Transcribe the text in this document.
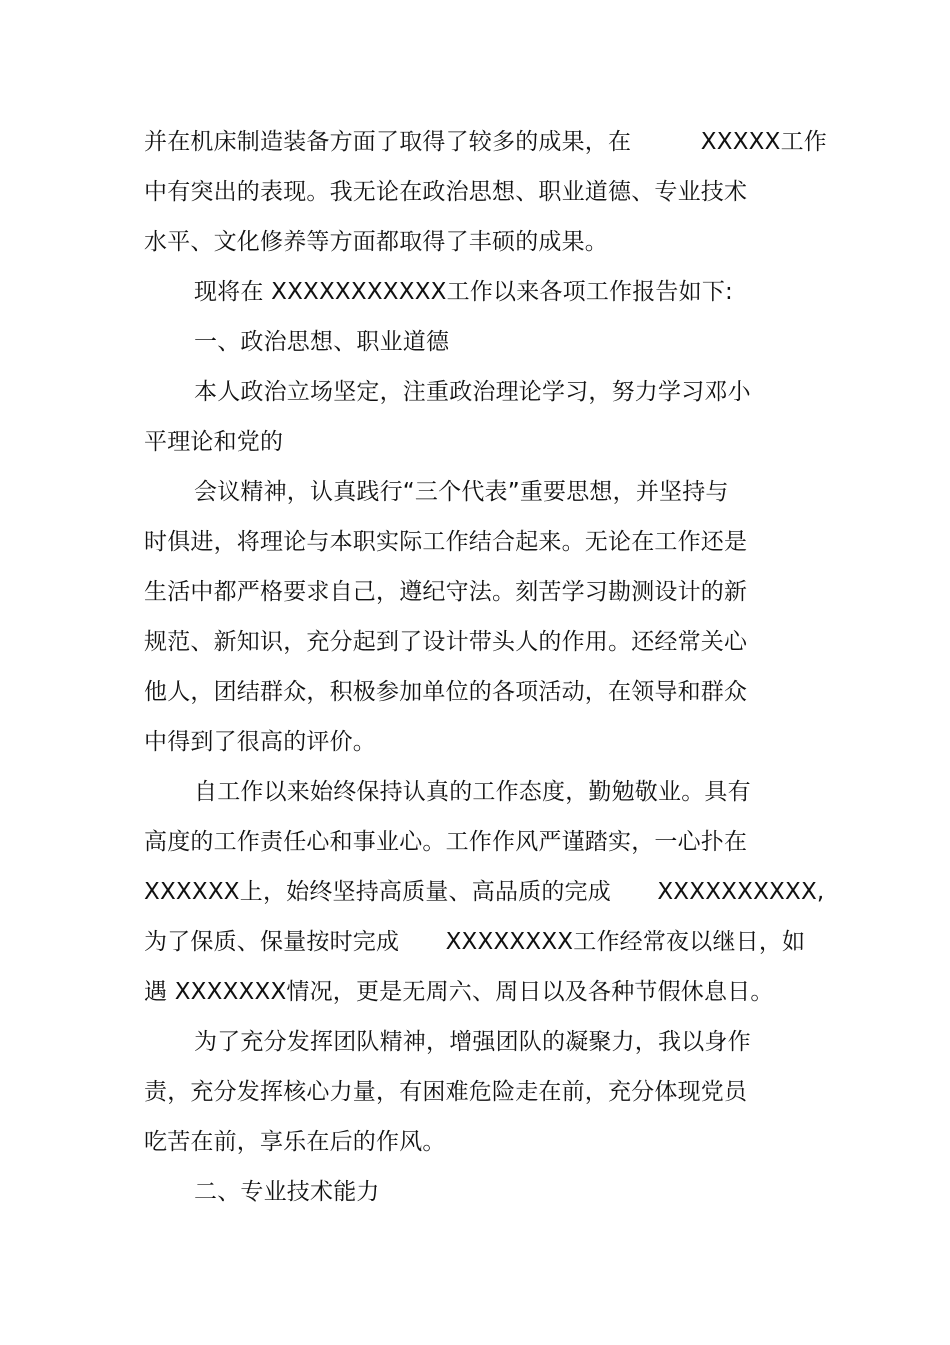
并在机床制造装备方面了取得了较多的成果，在　　　XXXXX工作
中有突出的表现。我无论在政治思想、职业道德、专业技术
水平、文化修养等方面都取得了丰硕的成果。
现将在 XXXXXXXXXXX工作以来各项工作报告如下:
一、政治思想、职业道德
本人政治立场坚定，注重政治理论学习，努力学习邓小
平理论和党的
会议精神，认真践行“三个代表”重要思想，并坚持与
时俱进，将理论与本职实际工作结合起来。无论在工作还是
生活中都严格要求自己，遵纪守法。刻苦学习勘测设计的新
规范、新知识，充分起到了设计带头人的作用。还经常关心
他人，团结群众，积极参加单位的各项活动，在领导和群众
中得到了很高的评价。
自工作以来始终保持认真的工作态度，勤勉敬业。具有
高度的工作责任心和事业心。工作作风严谨踏实，一心扑在
XXXXXX上，始终坚持高质量、高品质的完成　　XXXXXXXXXX,
为了保质、保量按时完成　　XXXXXXXX工作经常夜以继日，如
遇 XXXXXXX情况，更是无周六、周日以及各种节假休息日。
为了充分发挥团队精神，增强团队的凝聚力，我以身作
责，充分发挥核心力量，有困难危险走在前，充分体现党员
吃苦在前，享乐在后的作风。
二、专业技术能力
